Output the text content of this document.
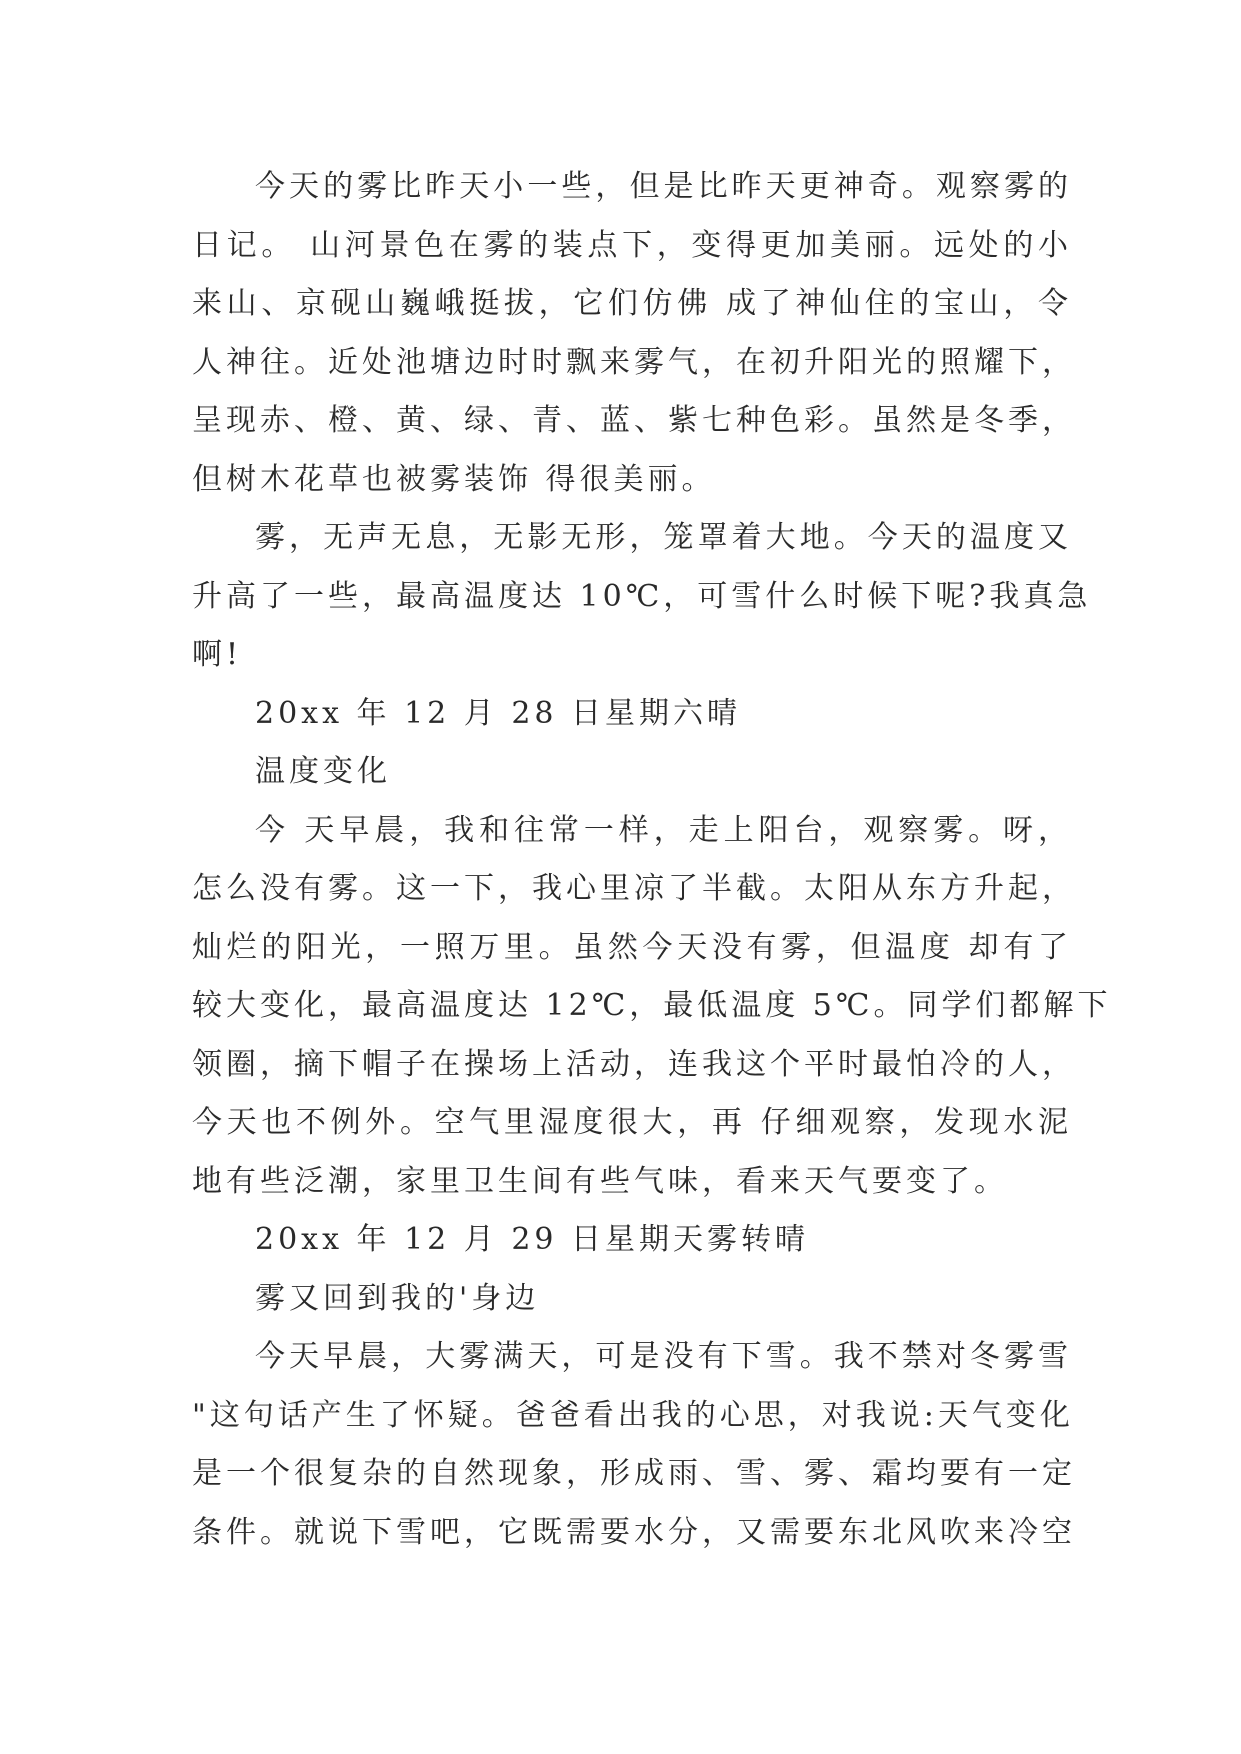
今天的雾比昨天小一些，但是比昨天更神奇。观察雾的
日记。 山河景色在雾的装点下，变得更加美丽。远处的小
来山、京砚山巍峨挺拔，它们仿佛 成了神仙住的宝山，令
人神往。近处池塘边时时飘来雾气，在初升阳光的照耀下，
呈现赤、橙、黄、绿、青、蓝、紫七种色彩。虽然是冬季，
但树木花草也被雾装饰 得很美丽。
雾，无声无息，无影无形，笼罩着大地。今天的温度又
升高了一些，最高温度达 10℃，可雪什么时候下呢?我真急
啊!
20xx 年 12 月 28 日星期六晴
温度变化
今 天早晨，我和往常一样，走上阳台，观察雾。呀，
怎么没有雾。这一下，我心里凉了半截。太阳从东方升起，
灿烂的阳光，一照万里。虽然今天没有雾，但温度 却有了
较大变化，最高温度达 12℃，最低温度 5℃。同学们都解下
领圈，摘下帽子在操场上活动，连我这个平时最怕冷的人，
今天也不例外。空气里湿度很大，再 仔细观察，发现水泥
地有些泛潮，家里卫生间有些气味，看来天气要变了。
20xx 年 12 月 29 日星期天雾转晴
雾又回到我的'身边
今天早晨，大雾满天，可是没有下雪。我不禁对冬雾雪
"这句话产生了怀疑。爸爸看出我的心思，对我说:天气变化
是一个很复杂的自然现象，形成雨、雪、雾、霜均要有一定
条件。就说下雪吧，它既需要水分，又需要东北风吹来冷空
